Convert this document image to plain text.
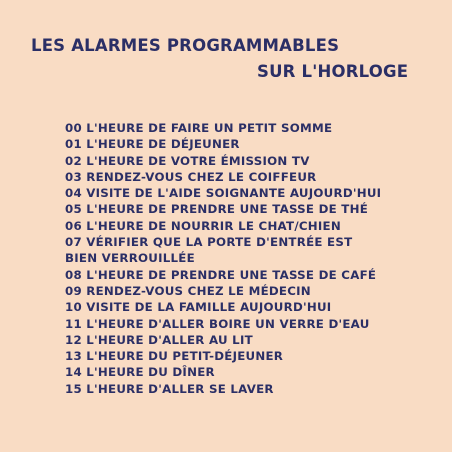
LES ALARMES PROGRAMMABLES
SUR L'HORLOGE
00 L'HEURE DE FAIRE UN PETIT SOMME
01 L'HEURE DE DÉJEUNER
02 L'HEURE DE VOTRE ÉMISSION TV
03 RENDEZ-VOUS CHEZ LE COIFFEUR
04 VISITE DE L'AIDE SOIGNANTE AUJOURD'HUI
05 L'HEURE DE PRENDRE UNE TASSE DE THÉ
06 L'HEURE DE NOURRIR LE CHAT/CHIEN
07 VÉRIFIER QUE LA PORTE D'ENTRÉE EST
BIEN VERROUILLÉE
08 L'HEURE DE PRENDRE UNE TASSE DE CAFÉ
09 RENDEZ-VOUS CHEZ LE MÉDECIN
10 VISITE DE LA FAMILLE AUJOURD'HUI
11 L'HEURE D'ALLER BOIRE UN VERRE D'EAU
12 L'HEURE D'ALLER AU LIT
13 L'HEURE DU PETIT-DÉJEUNER
14 L'HEURE DU DÎNER
15 L'HEURE D'ALLER SE LAVER
